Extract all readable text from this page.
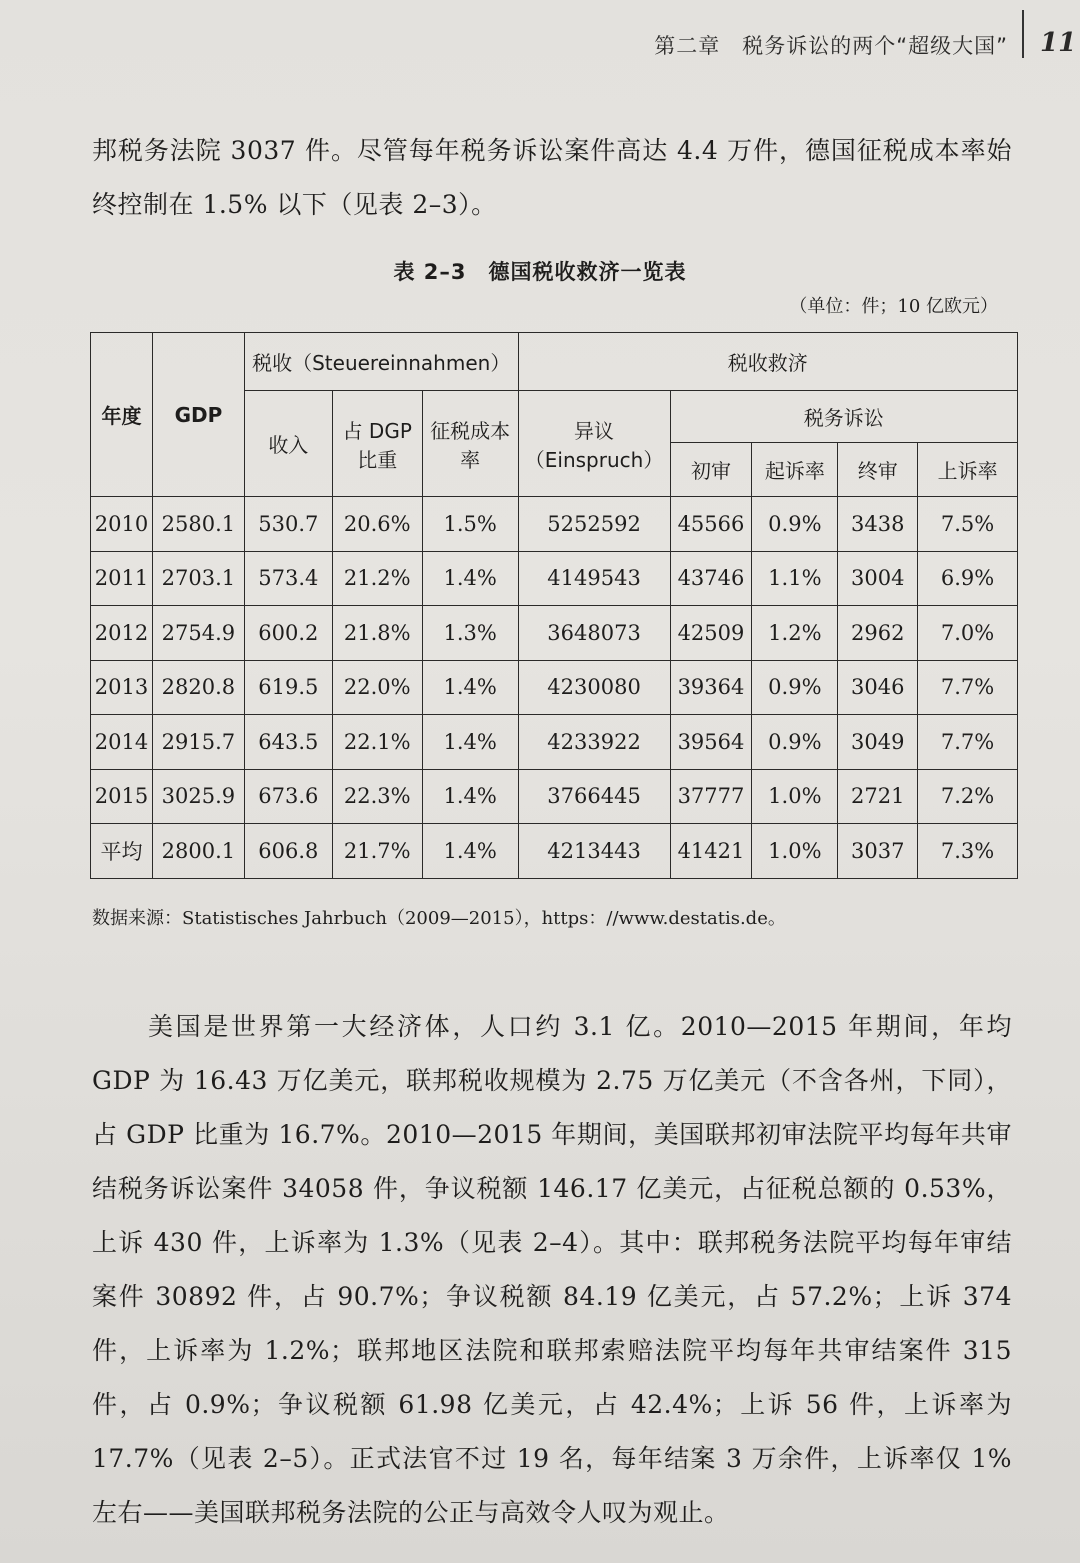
第二章　税务诉讼的两个“超级大国” 11

邦税务法院 3037 件。尽管每年税务诉讼案件高达 4.4 万件，德国征税成本率始终控制在 1.5% 以下（见表 2–3）。

表 2–3　德国税收救济一览表
（单位：件；10 亿欧元）
年度	GDP	税收（Steuereinnahmen）			税收救济				
		收入	占 DGP 比重	征税成本率	异议（Einspruch）	税务诉讼			
						初审	起诉率	终审	上诉率
2010	2580.1	530.7	20.6%	1.5%	5252592	45566	0.9%	3438	7.5%
2011	2703.1	573.4	21.2%	1.4%	4149543	43746	1.1%	3004	6.9%
2012	2754.9	600.2	21.8%	1.3%	3648073	42509	1.2%	2962	7.0%
2013	2820.8	619.5	22.0%	1.4%	4230080	39364	0.9%	3046	7.7%
2014	2915.7	643.5	22.1%	1.4%	4233922	39564	0.9%	3049	7.7%
2015	3025.9	673.6	22.3%	1.4%	3766445	37777	1.0%	2721	7.2%
平均	2800.1	606.8	21.7%	1.4%	4213443	41421	1.0%	3037	7.3%
数据来源：Statistisches Jahrbuch（2009—2015），https：//www.destatis.de。

美国是世界第一大经济体，人口约 3.1 亿。2010—2015 年期间，年均 GDP 为 16.43 万亿美元，联邦税收规模为 2.75 万亿美元（不含各州，下同），占 GDP 比重为 16.7%。2010—2015 年期间，美国联邦初审法院平均每年共审结税务诉讼案件 34058 件，争议税额 146.17 亿美元，占征税总额的 0.53%，上诉 430 件，上诉率为 1.3%（见表 2–4）。其中：联邦税务法院平均每年审结案件 30892 件，占 90.7%；争议税额 84.19 亿美元，占 57.2%；上诉 374 件，上诉率为 1.2%；联邦地区法院和联邦索赔法院平均每年共审结案件 315 件，占 0.9%；争议税额 61.98 亿美元，占 42.4%；上诉 56 件，上诉率为 17.7%（见表 2–5）。正式法官不过 19 名，每年结案 3 万余件，上诉率仅 1% 左右——美国联邦税务法院的公正与高效令人叹为观止。
